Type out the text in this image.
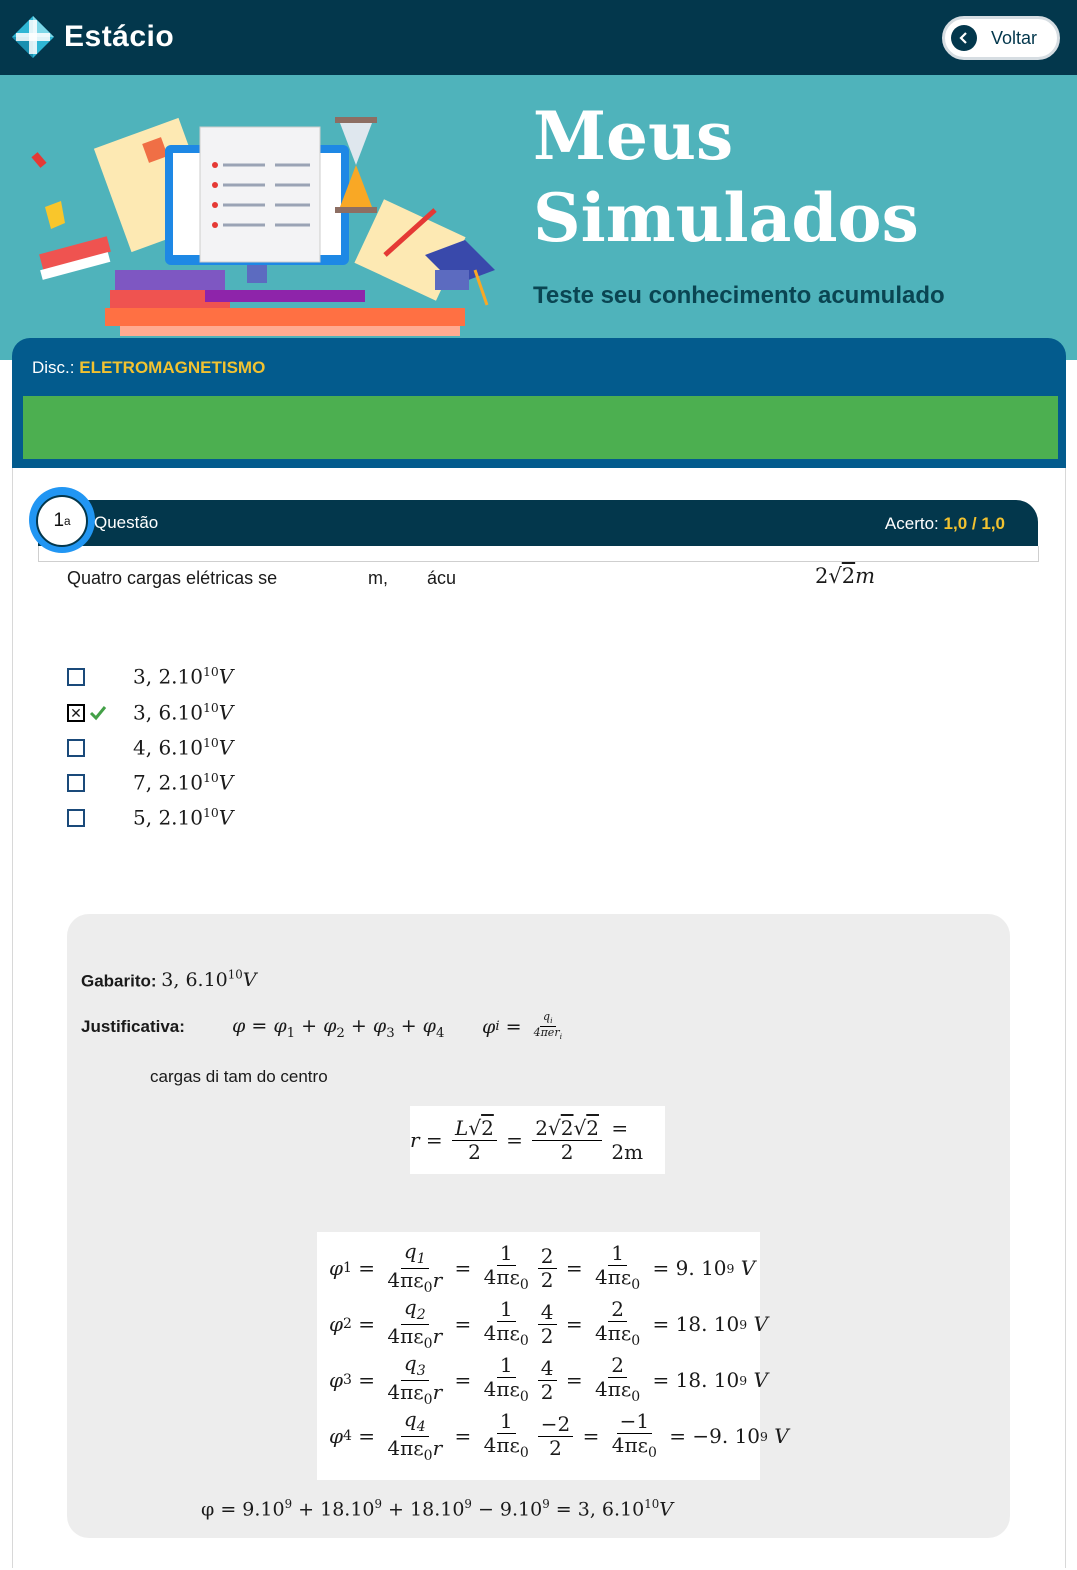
Estácio	Voltar
Meus
Simulados
Teste seu conhecimento acumulado
Disc.: ELETROMAGNETISMO
1 a Questão	Acerto: 1,0 / 1,0
Quatro cargas elétricas se	m, ácu	2√2m
3, 2.10$^{10}$V
✕	3, 6.10$^{10}$V
4, 6.10$^{10}$V
7, 2.10$^{10}$V
5, 2.10$^{10}$V
Gabarito: 3, 6.10$^{10}$V
Justificativa: $\varphi = \varphi_1 + \varphi_2 + \varphi_3 + \varphi_4$ φ $i = \frac{q_i}{4\pi er_i}$
cargas di tam do centro
$r = \frac{L√2}{2} = \frac{2√2√2}{2}$
= 2m
φ $1 = \frac{q_1}{4\pi\varepsilon_0r} = \frac{1}{4\pi\varepsilon_0} \frac{2}{2} = \frac{1}{4\pi\varepsilon_0}$
= 9. 10 9
V
φ $2 = \frac{q_2}{4\pi\varepsilon_0r} = \frac{1}{4\pi\varepsilon_0} \frac{4}{2} = \frac{2}{4\pi\varepsilon_0}$
= 18. 10 9
V
φ $3 = \frac{q_3}{4\pi\varepsilon_0r} = \frac{1}{4\pi\varepsilon_0} \frac{4}{2} = \frac{2}{4\pi\varepsilon_0}$
= 18. 10 9
V
φ $4 = \frac{q_4}{4\pi\varepsilon_0r} = \frac{1}{4\pi\varepsilon_0} \frac{-2}{2} = \frac{-1}{4\pi\varepsilon_0}$
= −9. 10 9
V
$\varphi = 9.10^9 + 18.10^9 + 18.10^9 - 9.10^9 = 3$, 6.10$^{10}$V
